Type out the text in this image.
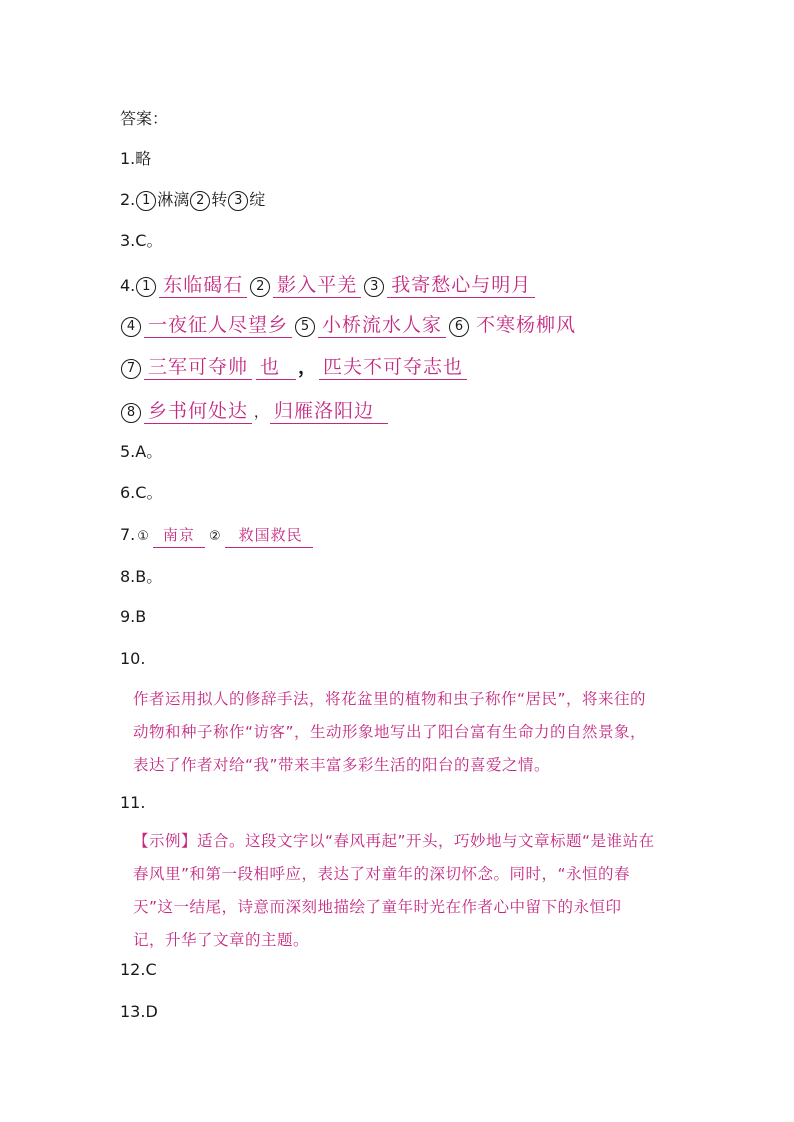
答案：
1.略
2. 1 淋漓 2 转 3 绽
3.C。
4. 1 东临碣石 2 影入平羌 3 我寄愁心与明月
4 一夜征人尽望乡 5 小桥流水人家 6 不寒杨柳风
7 三军可夺帅 也 ， 匹夫不可夺志也
8 乡书何处达 ， 归雁洛阳边
5.A。
6.C。
7. ① 南京 ② 救国救民
8.B。
9.B
10.
作者运用拟人的修辞手法，将花盆里的植物和虫子称作“居民”，将来往的
动物和种子称作“访客”，生动形象地写出了阳台富有生命力的自然景象，
表达了作者对给“我”带来丰富多彩生活的阳台的喜爱之情。
11.
【示例】适合。这段文字以“春风再起”开头，巧妙地与文章标题“是谁站在
春风里”和第一段相呼应，表达了对童年的深切怀念。同时，“永恒的春
天”这一结尾，诗意而深刻地描绘了童年时光在作者心中留下的永恒印
记，升华了文章的主题。
12.C
13.D
